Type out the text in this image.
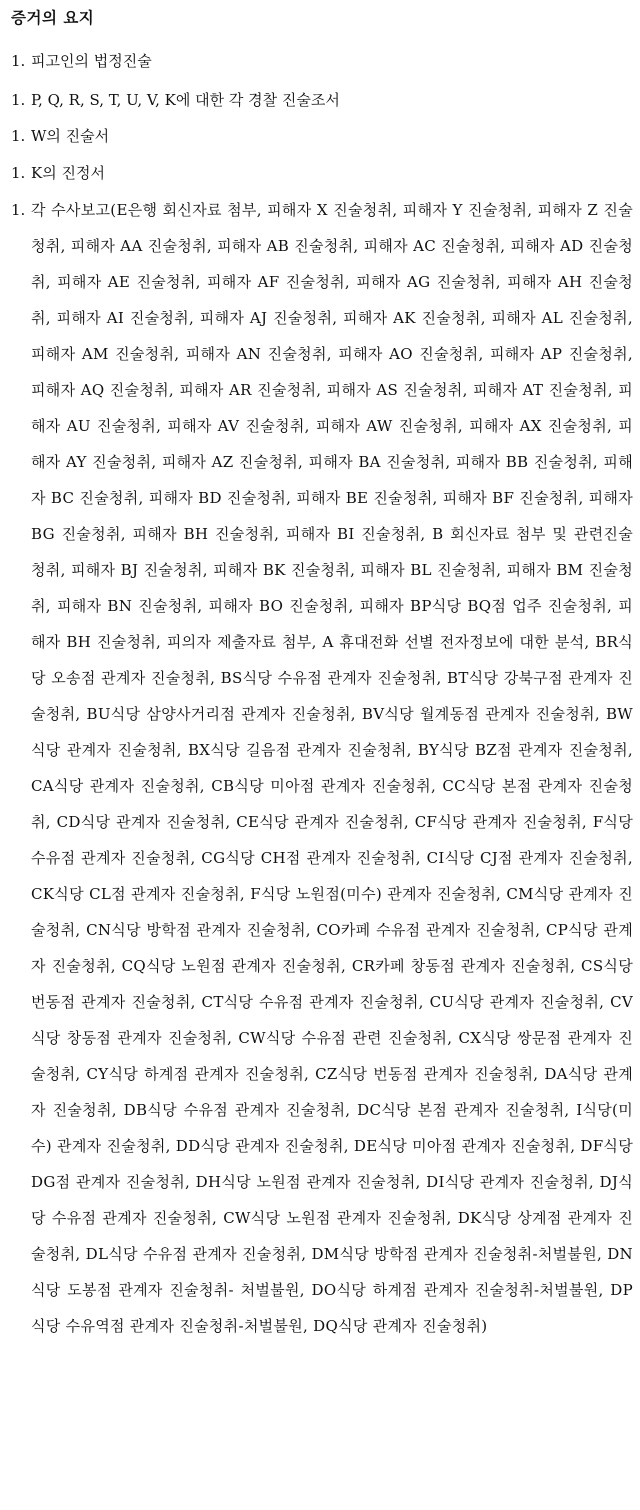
증거의 요지
1. 피고인의 법정진술
1. P, Q, R, S, T, U, V, K에 대한 각 경찰 진술조서
1. W의 진술서
1. K의 진정서
1. 각 수사보고(E은행 회신자료 첨부, 피해자 X 진술청취, 피해자 Y 진술청취, 피해자 Z 진술청취, 피해자 AA 진술청취, 피해자 AB 진술청취, 피해자 AC 진술청취, 피해자 AD 진술청취, 피해자 AE 진술청취, 피해자 AF 진술청취, 피해자 AG 진술청취, 피해자 AH 진술청취, 피해자 AI 진술청취, 피해자 AJ 진술청취, 피해자 AK 진술청취, 피해자 AL 진술청취, 피해자 AM 진술청취, 피해자 AN 진술청취, 피해자 AO 진술청취, 피해자 AP 진술청취, 피해자 AQ 진술청취, 피해자 AR 진술청취, 피해자 AS 진술청취, 피해자 AT 진술청취, 피해자 AU 진술청취, 피해자 AV 진술청취, 피해자 AW 진술청취, 피해자 AX 진술청취, 피해자 AY 진술청취, 피해자 AZ 진술청취, 피해자 BA 진술청취, 피해자 BB 진술청취, 피해자 BC 진술청취, 피해자 BD 진술청취, 피해자 BE 진술청취, 피해자 BF 진술청취, 피해자 BG 진술청취, 피해자 BH 진술청취, 피해자 BI 진술청취, B 회신자료 첨부 및 관련진술 청취, 피해자 BJ 진술청취, 피해자 BK 진술청취, 피해자 BL 진술청취, 피해자 BM 진술청취, 피해자 BN 진술청취, 피해자 BO 진술청취, 피해자 BP식당 BQ점 업주 진술청취, 피해자 BH 진술청취, 피의자 제출자료 첨부, A 휴대전화 선별 전자정보에 대한 분석, BR식당 오송점 관계자 진술청취, BS식당 수유점 관계자 진술청취, BT식당 강북구점 관계자 진술청취, BU식당 삼양사거리점 관계자 진술청취, BV식당 월계동점 관계자 진술청취, BW식당 관계자 진술청취, BX식당 길음점 관계자 진술청취, BY식당 BZ점 관계자 진술청취, CA식당 관계자 진술청취, CB식당 미아점 관계자 진술청취, CC식당 본점 관계자 진술청취, CD식당 관계자 진술청취, CE식당 관계자 진술청취, CF식당 관계자 진술청취, F식당 수유점 관계자 진술청취, CG식당 CH점 관계자 진술청취, CI식당 CJ점 관계자 진술청취, CK식당 CL점 관계자 진술청취, F식당 노원점(미수) 관계자 진술청취, CM식당 관계자 진술청취, CN식당 방학점 관계자 진술청취, CO카페 수유점 관계자 진술청취, CP식당 관계자 진술청취, CQ식당 노원점 관계자 진술청취, CR카페 창동점 관계자 진술청취, CS식당 번동점 관계자 진술청취, CT식당 수유점 관계자 진술청취, CU식당 관계자 진술청취, CV식당 창동점 관계자 진술청취, CW식당 수유점 관련 진술청취, CX식당 쌍문점 관계자 진술청취, CY식당 하계점 관계자 진술청취, CZ식당 번동점 관계자 진술청취, DA식당 관계자 진술청취, DB식당 수유점 관계자 진술청취, DC식당 본점 관계자 진술청취, I식당(미수) 관계자 진술청취, DD식당 관계자 진술청취, DE식당 미아점 관계자 진술청취, DF식당 DG점 관계자 진술청취, DH식당 노원점 관계자 진술청취, DI식당 관계자 진술청취, DJ식당 수유점 관계자 진술청취, CW식당 노원점 관계자 진술청취, DK식당 상계점 관계자 진술청취, DL식당 수유점 관계자 진술청취, DM식당 방학점 관계자 진술청취-처벌불원, DN식당 도봉점 관계자 진술청취- 처벌불원, DO식당 하계점 관계자 진술청취-처벌불원, DP식당 수유역점 관계자 진술청취-처벌불원, DQ식당 관계자 진술청취)
